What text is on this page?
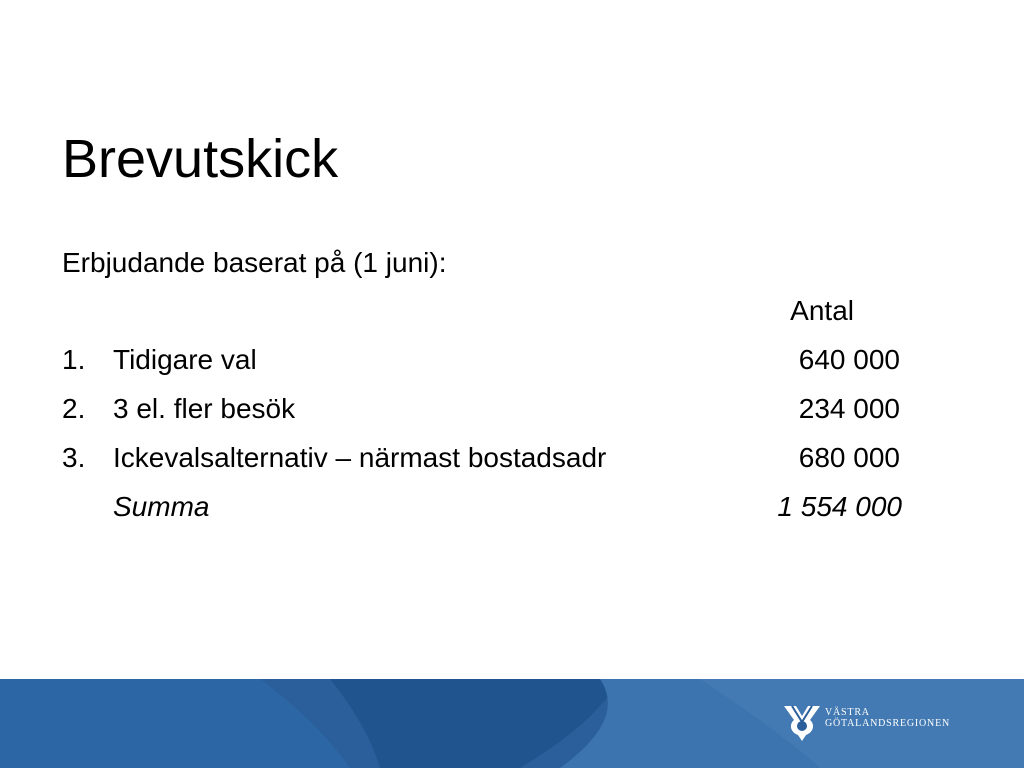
Brevutskick
Erbjudande baserat på (1 juni):
Antal
1. Tidigare val	640 000
2. 3 el. fler besök	234 000
3. Ickevalsalternativ – närmast bostadsadr	680 000
Summa	1 554 000
VÄSTRA
GÖTALANDSREGIONEN
